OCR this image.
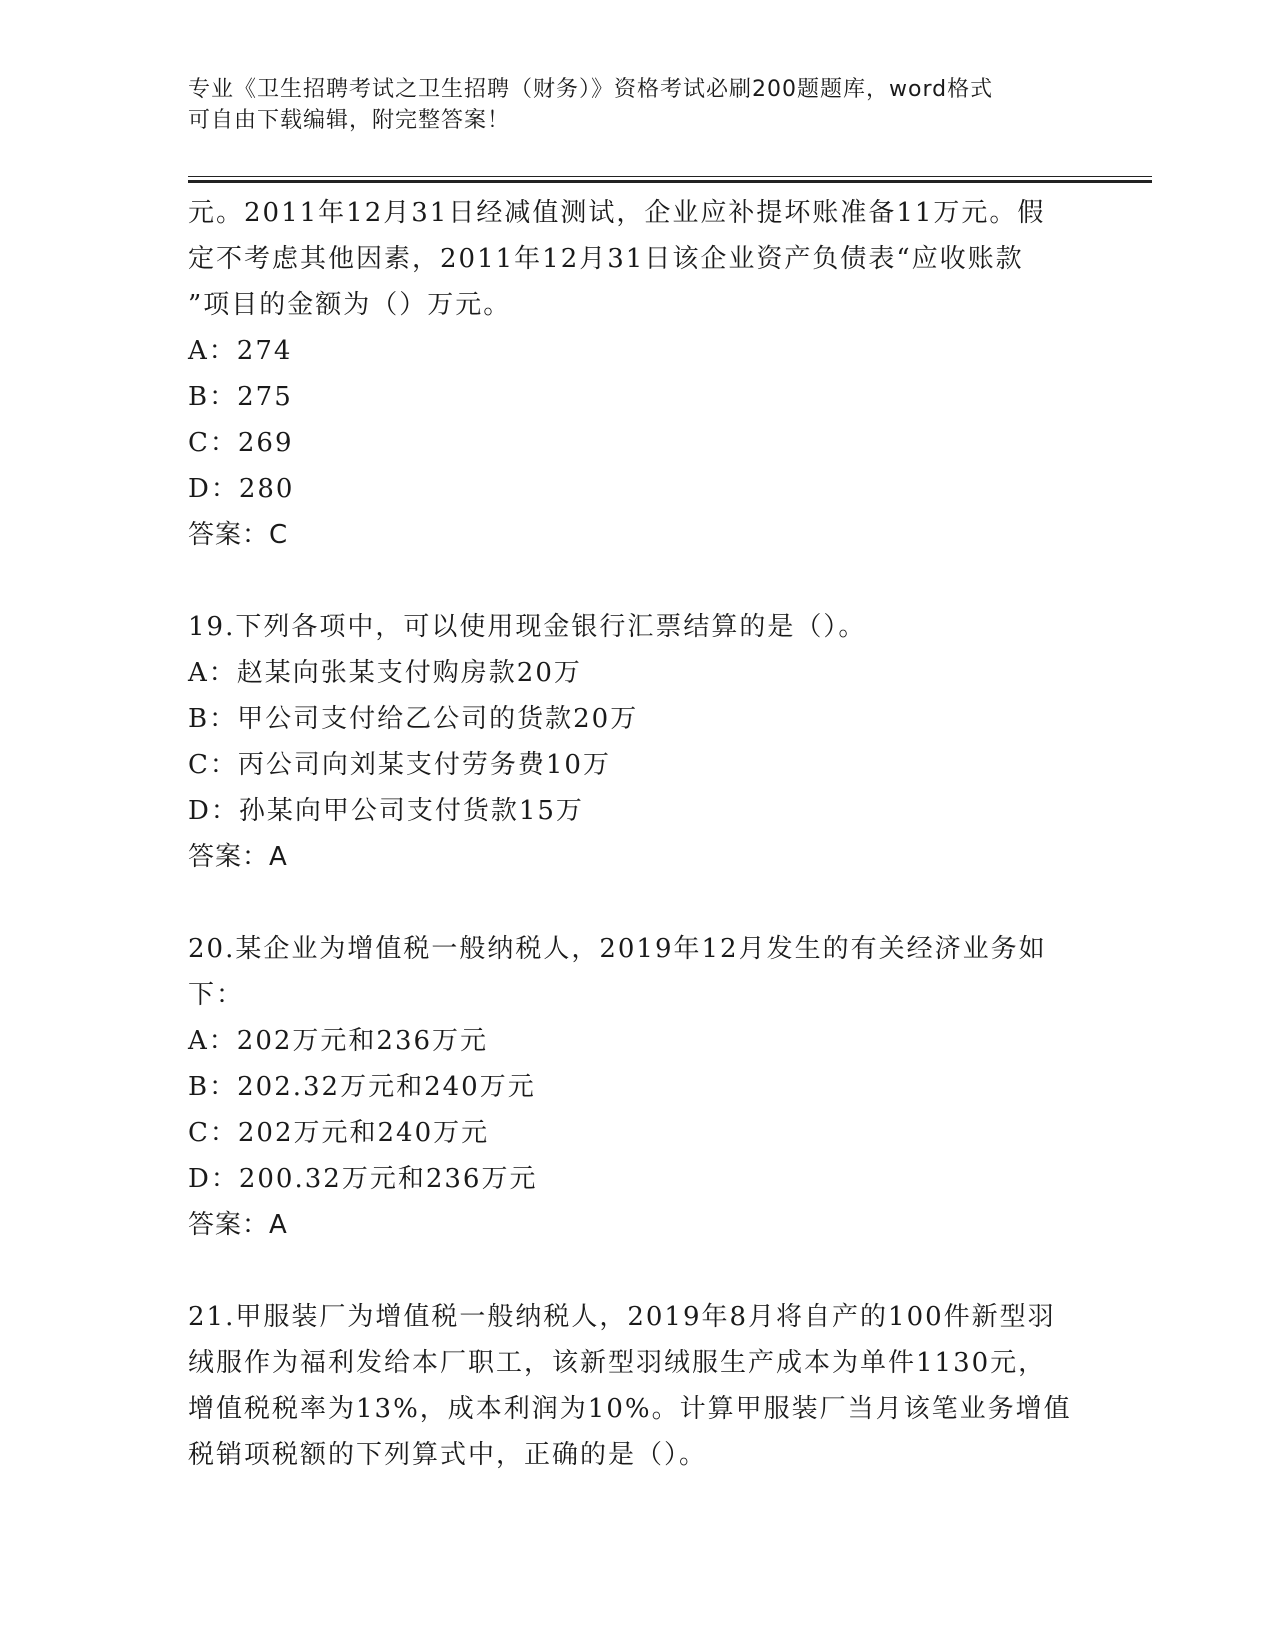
专业《卫生招聘考试之卫生招聘（财务）》资格考试必刷200题题库，word格式
可自由下载编辑，附完整答案！
元。2011年12月31日经减值测试，企业应补提坏账准备11万元。假
定不考虑其他因素，2011年12月31日该企业资产负债表“应收账款
”项目的金额为（）万元。
A：274
B：275
C：269
D：280
答案：C
19.下列各项中，可以使用现金银行汇票结算的是（）。
A：赵某向张某支付购房款20万
B：甲公司支付给乙公司的货款20万
C：丙公司向刘某支付劳务费10万
D：孙某向甲公司支付货款15万
答案：A
20.某企业为增值税一般纳税人，2019年12月发生的有关经济业务如
下：
A：202万元和236万元
B：202.32万元和240万元
C：202万元和240万元
D：200.32万元和236万元
答案：A
21.甲服装厂为增值税一般纳税人，2019年8月将自产的100件新型羽
绒服作为福利发给本厂职工，该新型羽绒服生产成本为单件1130元，
增值税税率为13%，成本利润为10%。计算甲服装厂当月该笔业务增值
税销项税额的下列算式中，正确的是（）。
